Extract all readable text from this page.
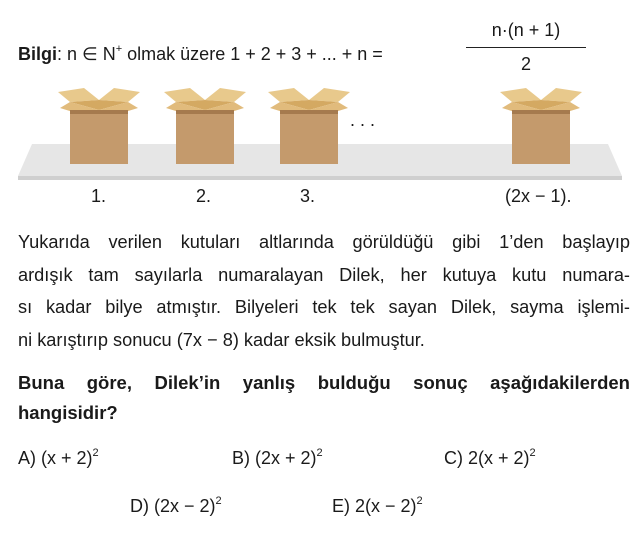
Bilgi: n ∈ N+ olmak üzere 1 + 2 + 3 + ... + n =	$\frac{n\cdot(n + 1)}{2}$
. . .
1.	2.	3.	(2x − 1).
Yukarıda verilen kutuları altlarında görüldüğü gibi 1’den başlayıp
ardışık tam sayılarla numaralayan Dilek, her kutuya kutu numara-
sı kadar bilye atmıştır. Bilyeleri tek tek sayan Dilek, sayma işlemi-
ni karıştırıp sonucu (7x − 8) kadar eksik bulmuştur.
Buna göre, Dilek’in yanlış bulduğu sonuç aşağıdakilerden
hangisidir?
A) $(x + 2)^2$	B) $(2x + 2)^2$	C) $2(x + 2)^2$
D) $(2x - 2)^2$	E) $2(x - 2)^2$
